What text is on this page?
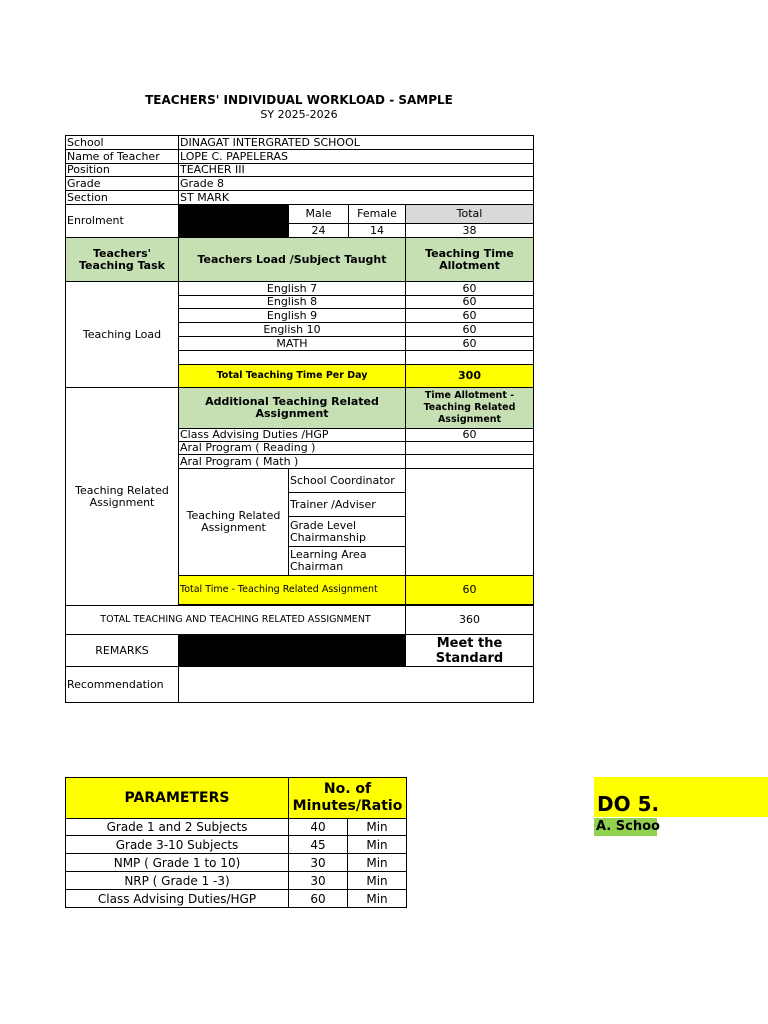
TEACHERS' INDIVIDUAL WORKLOAD - SAMPLE
SY 2025-2026
School	DINAGAT INTERGRATED SCHOOL			
Name of Teacher	LOPE C. PAPELERAS			
Position	TEACHER III			
Grade	Grade 8			
Section	ST MARK			
Enrolment		Male	Female	Total
		24	14	38
Teachers' Teaching Task	Teachers Load /Subject Taught			Teaching Time Allotment
Teaching Load	English 7			60
	English 8			60
	English 9			60
	English 10			60
	MATH			60

	Total Teaching Time Per Day			300
Teaching Related Assignment	Additional Teaching Related Assignment			Time Allotment - Teaching Related Assignment
	Class Advising Duties /HGP			60
	Aral Program ( Reading )			
	Aral Program ( Math )			
	Teaching Related Assignment	School Coordinator		
		Trainer /Adviser		
		Grade Level Chairmanship		
		Learning Area Chairman		
	Total Time - Teaching Related Assignment			60

TOTAL TEACHING AND TEACHING RELATED ASSIGNMENT				360
REMARKS				Meet the Standard
Recommendation				
PARAMETERS	No. of Minutes/Ratio	
Grade 1 and 2 Subjects	40	Min
Grade 3-10 Subjects	45	Min
NMP ( Grade 1 to 10)	30	Min
NRP ( Grade 1 -3)	30	Min
Class Advising Duties/HGP	60	Min
DO 5.
A. Schoo
